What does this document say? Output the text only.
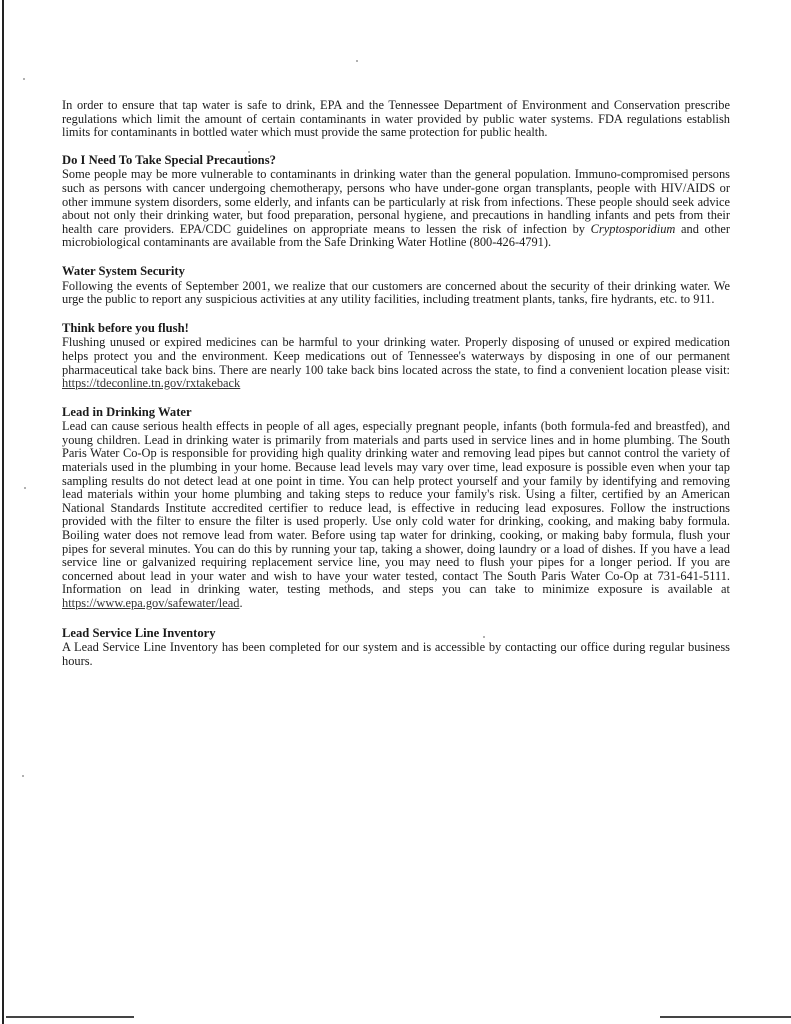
In order to ensure that tap water is safe to drink, EPA and the Tennessee Department of Environment and Conservation prescribe regulations which limit the amount of certain contaminants in water provided by public water systems. FDA regulations establish limits for contaminants in bottled water which must provide the same protection for public health.

Do I Need To Take Special Precautions?

Some people may be more vulnerable to contaminants in drinking water than the general population. Immuno-compromised persons such as persons with cancer undergoing chemotherapy, persons who have under-gone organ transplants, people with HIV/AIDS or other immune system disorders, some elderly, and infants can be particularly at risk from infections. These people should seek advice about not only their drinking water, but food preparation, personal hygiene, and precautions in handling infants and pets from their health care providers. EPA/CDC guidelines on appropriate means to lessen the risk of infection by Cryptosporidium and other microbiological contaminants are available from the Safe Drinking Water Hotline (800-426-4791).

Water System Security

Following the events of September 2001, we realize that our customers are concerned about the security of their drinking water. We urge the public to report any suspicious activities at any utility facilities, including treatment plants, tanks, fire hydrants, etc. to 911.

Think before you flush!

Flushing unused or expired medicines can be harmful to your drinking water. Properly disposing of unused or expired medication helps protect you and the environment. Keep medications out of Tennessee's waterways by disposing in one of our permanent pharmaceutical take back bins. There are nearly 100 take back bins located across the state, to find a convenient location please visit: https://tdeconline.tn.gov/rxtakeback

Lead in Drinking Water

Lead can cause serious health effects in people of all ages, especially pregnant people, infants (both formula-fed and breastfed), and young children. Lead in drinking water is primarily from materials and parts used in service lines and in home plumbing. The South Paris Water Co-Op is responsible for providing high quality drinking water and removing lead pipes but cannot control the variety of materials used in the plumbing in your home. Because lead levels may vary over time, lead exposure is possible even when your tap sampling results do not detect lead at one point in time. You can help protect yourself and your family by identifying and removing lead materials within your home plumbing and taking steps to reduce your family's risk. Using a filter, certified by an American National Standards Institute accredited certifier to reduce lead, is effective in reducing lead exposures. Follow the instructions provided with the filter to ensure the filter is used properly. Use only cold water for drinking, cooking, and making baby formula. Boiling water does not remove lead from water. Before using tap water for drinking, cooking, or making baby formula, flush your pipes for several minutes. You can do this by running your tap, taking a shower, doing laundry or a load of dishes. If you have a lead service line or galvanized requiring replacement service line, you may need to flush your pipes for a longer period. If you are concerned about lead in your water and wish to have your water tested, contact The South Paris Water Co-Op at 731-641-5111. Information on lead in drinking water, testing methods, and steps you can take to minimize exposure is available at https://www.epa.gov/safewater/lead.

Lead Service Line Inventory

A Lead Service Line Inventory has been completed for our system and is accessible by contacting our office during regular business hours.
